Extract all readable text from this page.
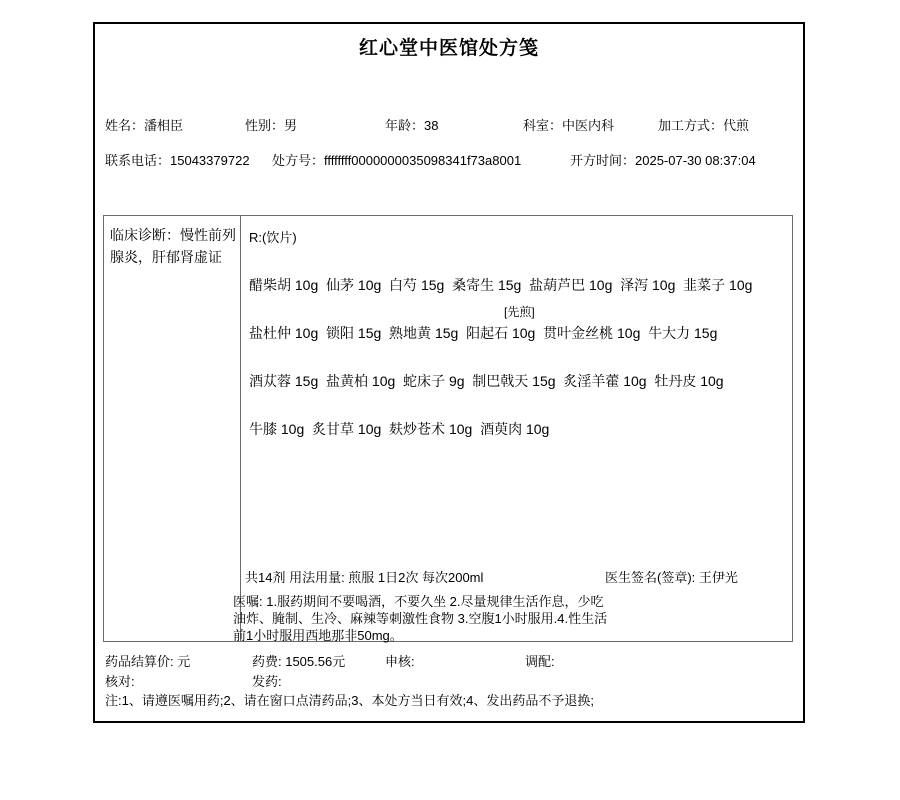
红心堂中医馆处方笺
姓名：潘相臣	性别：男	年龄：38	科室：中医内科	加工方式：代煎
联系电话：15043379722 处方号：ffffffff0000000035098341f73a8001	开方时间：2025-07-30 08:37:04
临床诊断：慢性前列腺炎，肝郁肾虚证
R:(饮片)
醋柴胡 10g  仙茅 10g  白芍 15g  桑寄生 15g  盐葫芦巴 10g  泽泻 10g  韭菜子 10g
[先煎]
盐杜仲 10g  锁阳 15g  熟地黄 15g  阳起石 10g  贯叶金丝桃 10g  牛大力 15g
酒苁蓉 15g  盐黄柏 10g  蛇床子 9g  制巴戟天 15g  炙淫羊藿 10g  牡丹皮 10g
牛膝 10g  炙甘草 10g  麸炒苍术 10g  酒萸肉 10g
共14剂 用法用量: 煎服 1日2次 每次200ml	医生签名(签章): 王伊光
医嘱: 1.服药期间不要喝酒，不要久坐 2.尽量规律生活作息，少吃
油炸、腌制、生冷、麻辣等刺激性食物 3.空腹1小时服用.4.性生活
前1小时服用西地那非50mg。
药品结算价: 元	药费: 1505.56元	申核:	调配:
核对:	发药:
注:1、请遵医嘱用药;2、请在窗口点清药品;3、本处方当日有效;4、发出药品不予退换;
